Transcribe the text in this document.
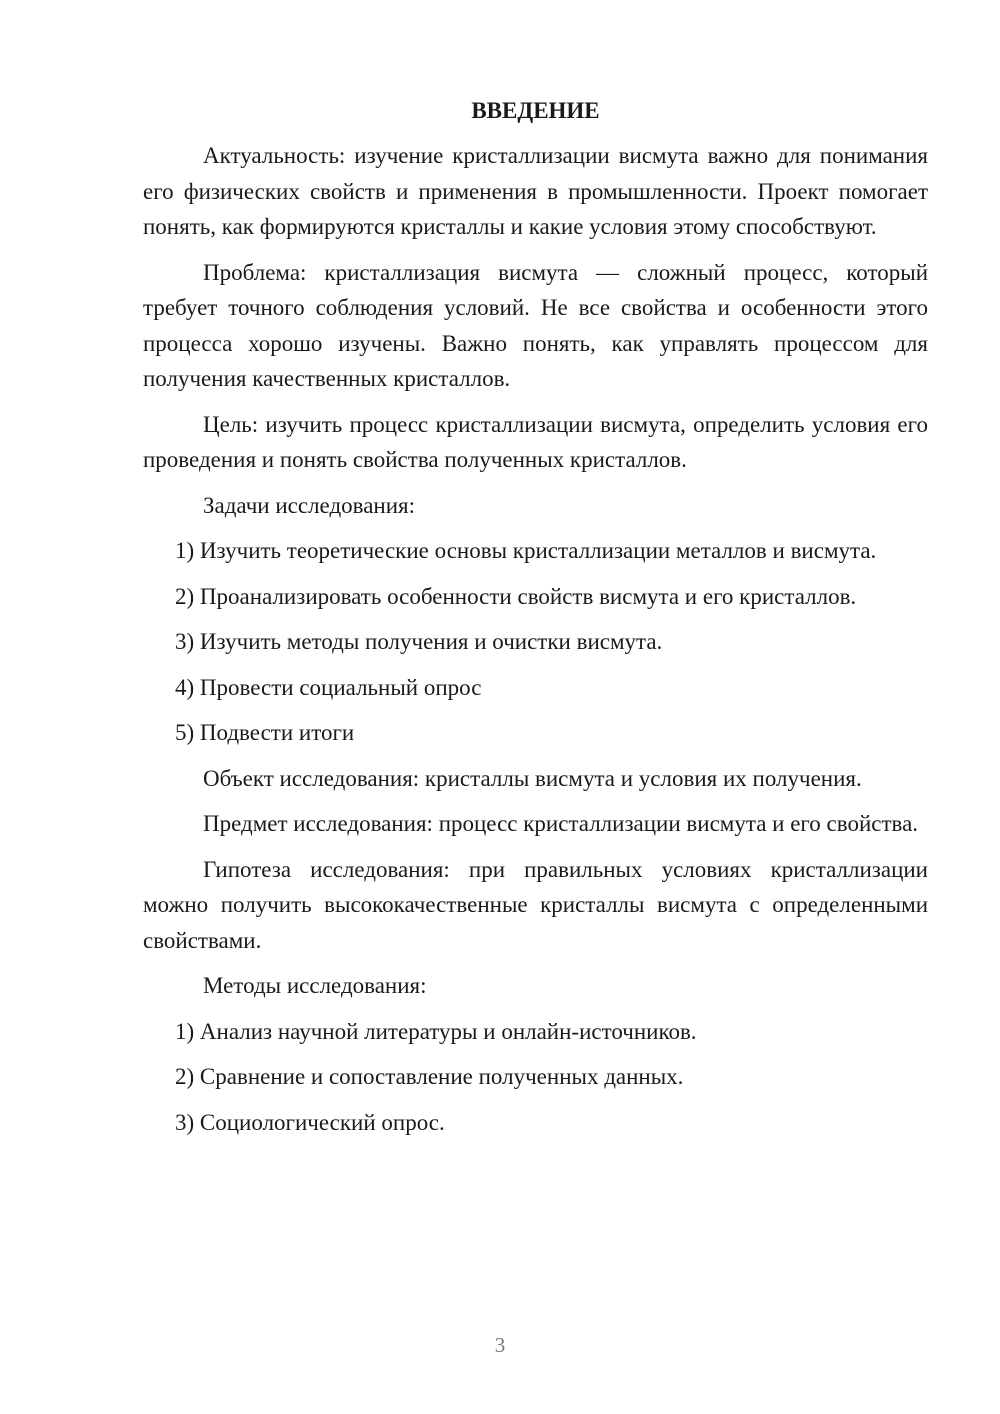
ВВЕДЕНИЕ

Актуальность: изучение кристаллизации висмута важно для понимания его физических свойств и применения в промышленности. Проект помогает понять, как формируются кристаллы и какие условия этому способствуют.

Проблема: кристаллизация висмута — сложный процесс, который требует точного соблюдения условий. Не все свойства и особенности этого процесса хорошо изучены. Важно понять, как управлять процессом для получения качественных кристаллов.

Цель: изучить процесс кристаллизации висмута, определить условия его проведения и понять свойства полученных кристаллов.

Задачи исследования:

1) Изучить теоретические основы кристаллизации металлов и висмута.
2) Проанализировать особенности свойств висмута и его кристаллов.
3) Изучить методы получения и очистки висмута.
4) Провести социальный опрос
5) Подвести итоги

Объект исследования: кристаллы висмута и условия их получения.

Предмет исследования: процесс кристаллизации висмута и его свойства.

Гипотеза исследования: при правильных условиях кристаллизации можно получить высококачественные кристаллы висмута с определенными свойствами.

Методы исследования:

1) Анализ научной литературы и онлайн-источников.
2) Сравнение и сопоставление полученных данных.
3) Социологический опрос.
3
